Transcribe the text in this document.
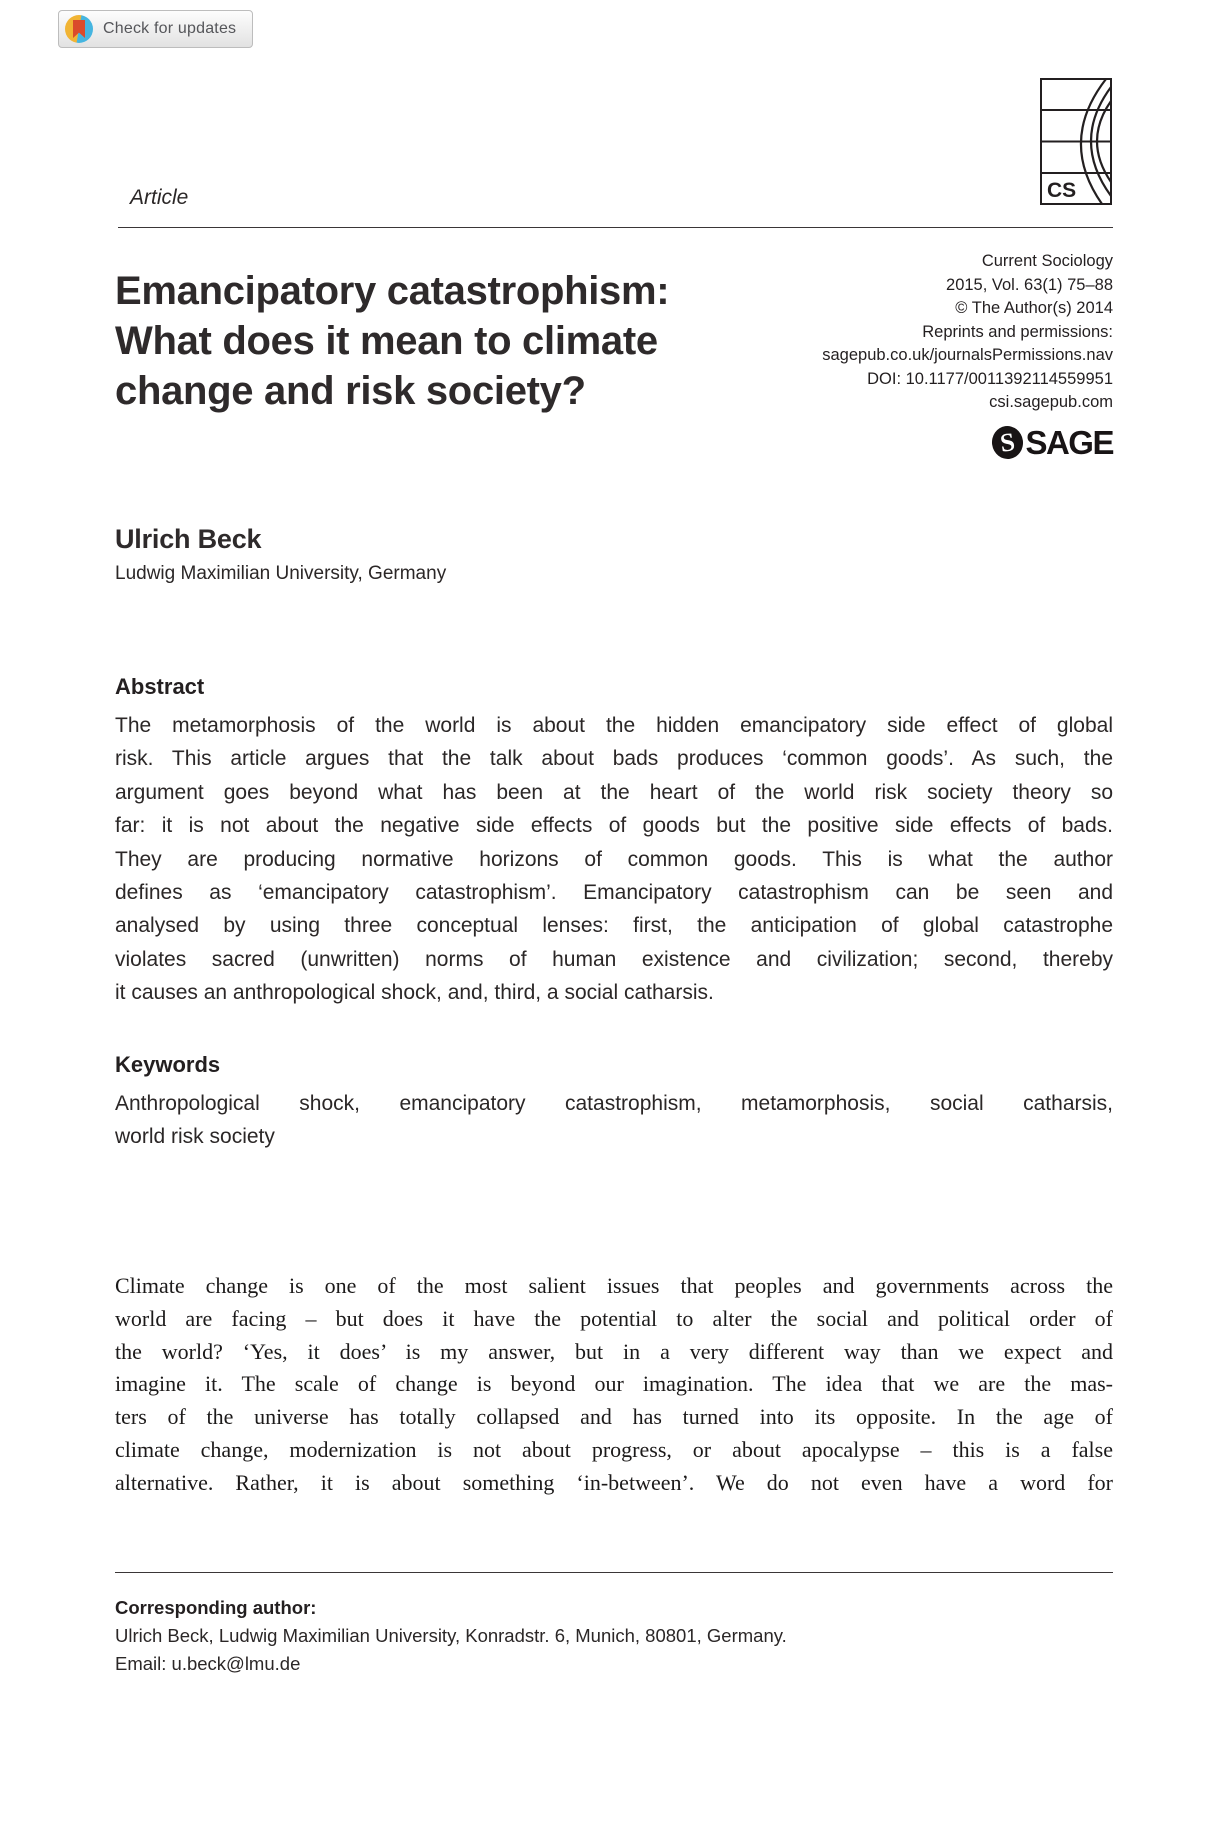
Check for updates
CS
Article
Emancipatory catastrophism:
What does it mean to climate
change and risk society?
Current Sociology
2015, Vol. 63(1) 75–88
© The Author(s) 2014
Reprints and permissions:
sagepub.co.uk/journalsPermissions.nav
DOI: 10.1177/0011392114559951
csi.sagepub.com
S SAGE
Ulrich Beck
Ludwig Maximilian University, Germany
Abstract
The metamorphosis of the world is about the hidden emancipatory side effect of global
risk. This article argues that the talk about bads produces ‘common goods’. As such, the
argument goes beyond what has been at the heart of the world risk society theory so
far: it is not about the negative side effects of goods but the positive side effects of bads.
They are producing normative horizons of common goods. This is what the author
defines as ‘emancipatory catastrophism’. Emancipatory catastrophism can be seen and
analysed by using three conceptual lenses: first, the anticipation of global catastrophe
violates sacred (unwritten) norms of human existence and civilization; second, thereby
it causes an anthropological shock, and, third, a social catharsis.
Keywords
Anthropological shock, emancipatory catastrophism, metamorphosis, social catharsis,
world risk society
Climate change is one of the most salient issues that peoples and governments across the
world are facing – but does it have the potential to alter the social and political order of
the world? ‘Yes, it does’ is my answer, but in a very different way than we expect and
imagine it. The scale of change is beyond our imagination. The idea that we are the mas-
ters of the universe has totally collapsed and has turned into its opposite. In the age of
climate change, modernization is not about progress, or about apocalypse – this is a false
alternative. Rather, it is about something ‘in-between’. We do not even have a word for
Corresponding author:
Ulrich Beck, Ludwig Maximilian University, Konradstr. 6, Munich, 80801, Germany.
Email: u.beck@lmu.de
